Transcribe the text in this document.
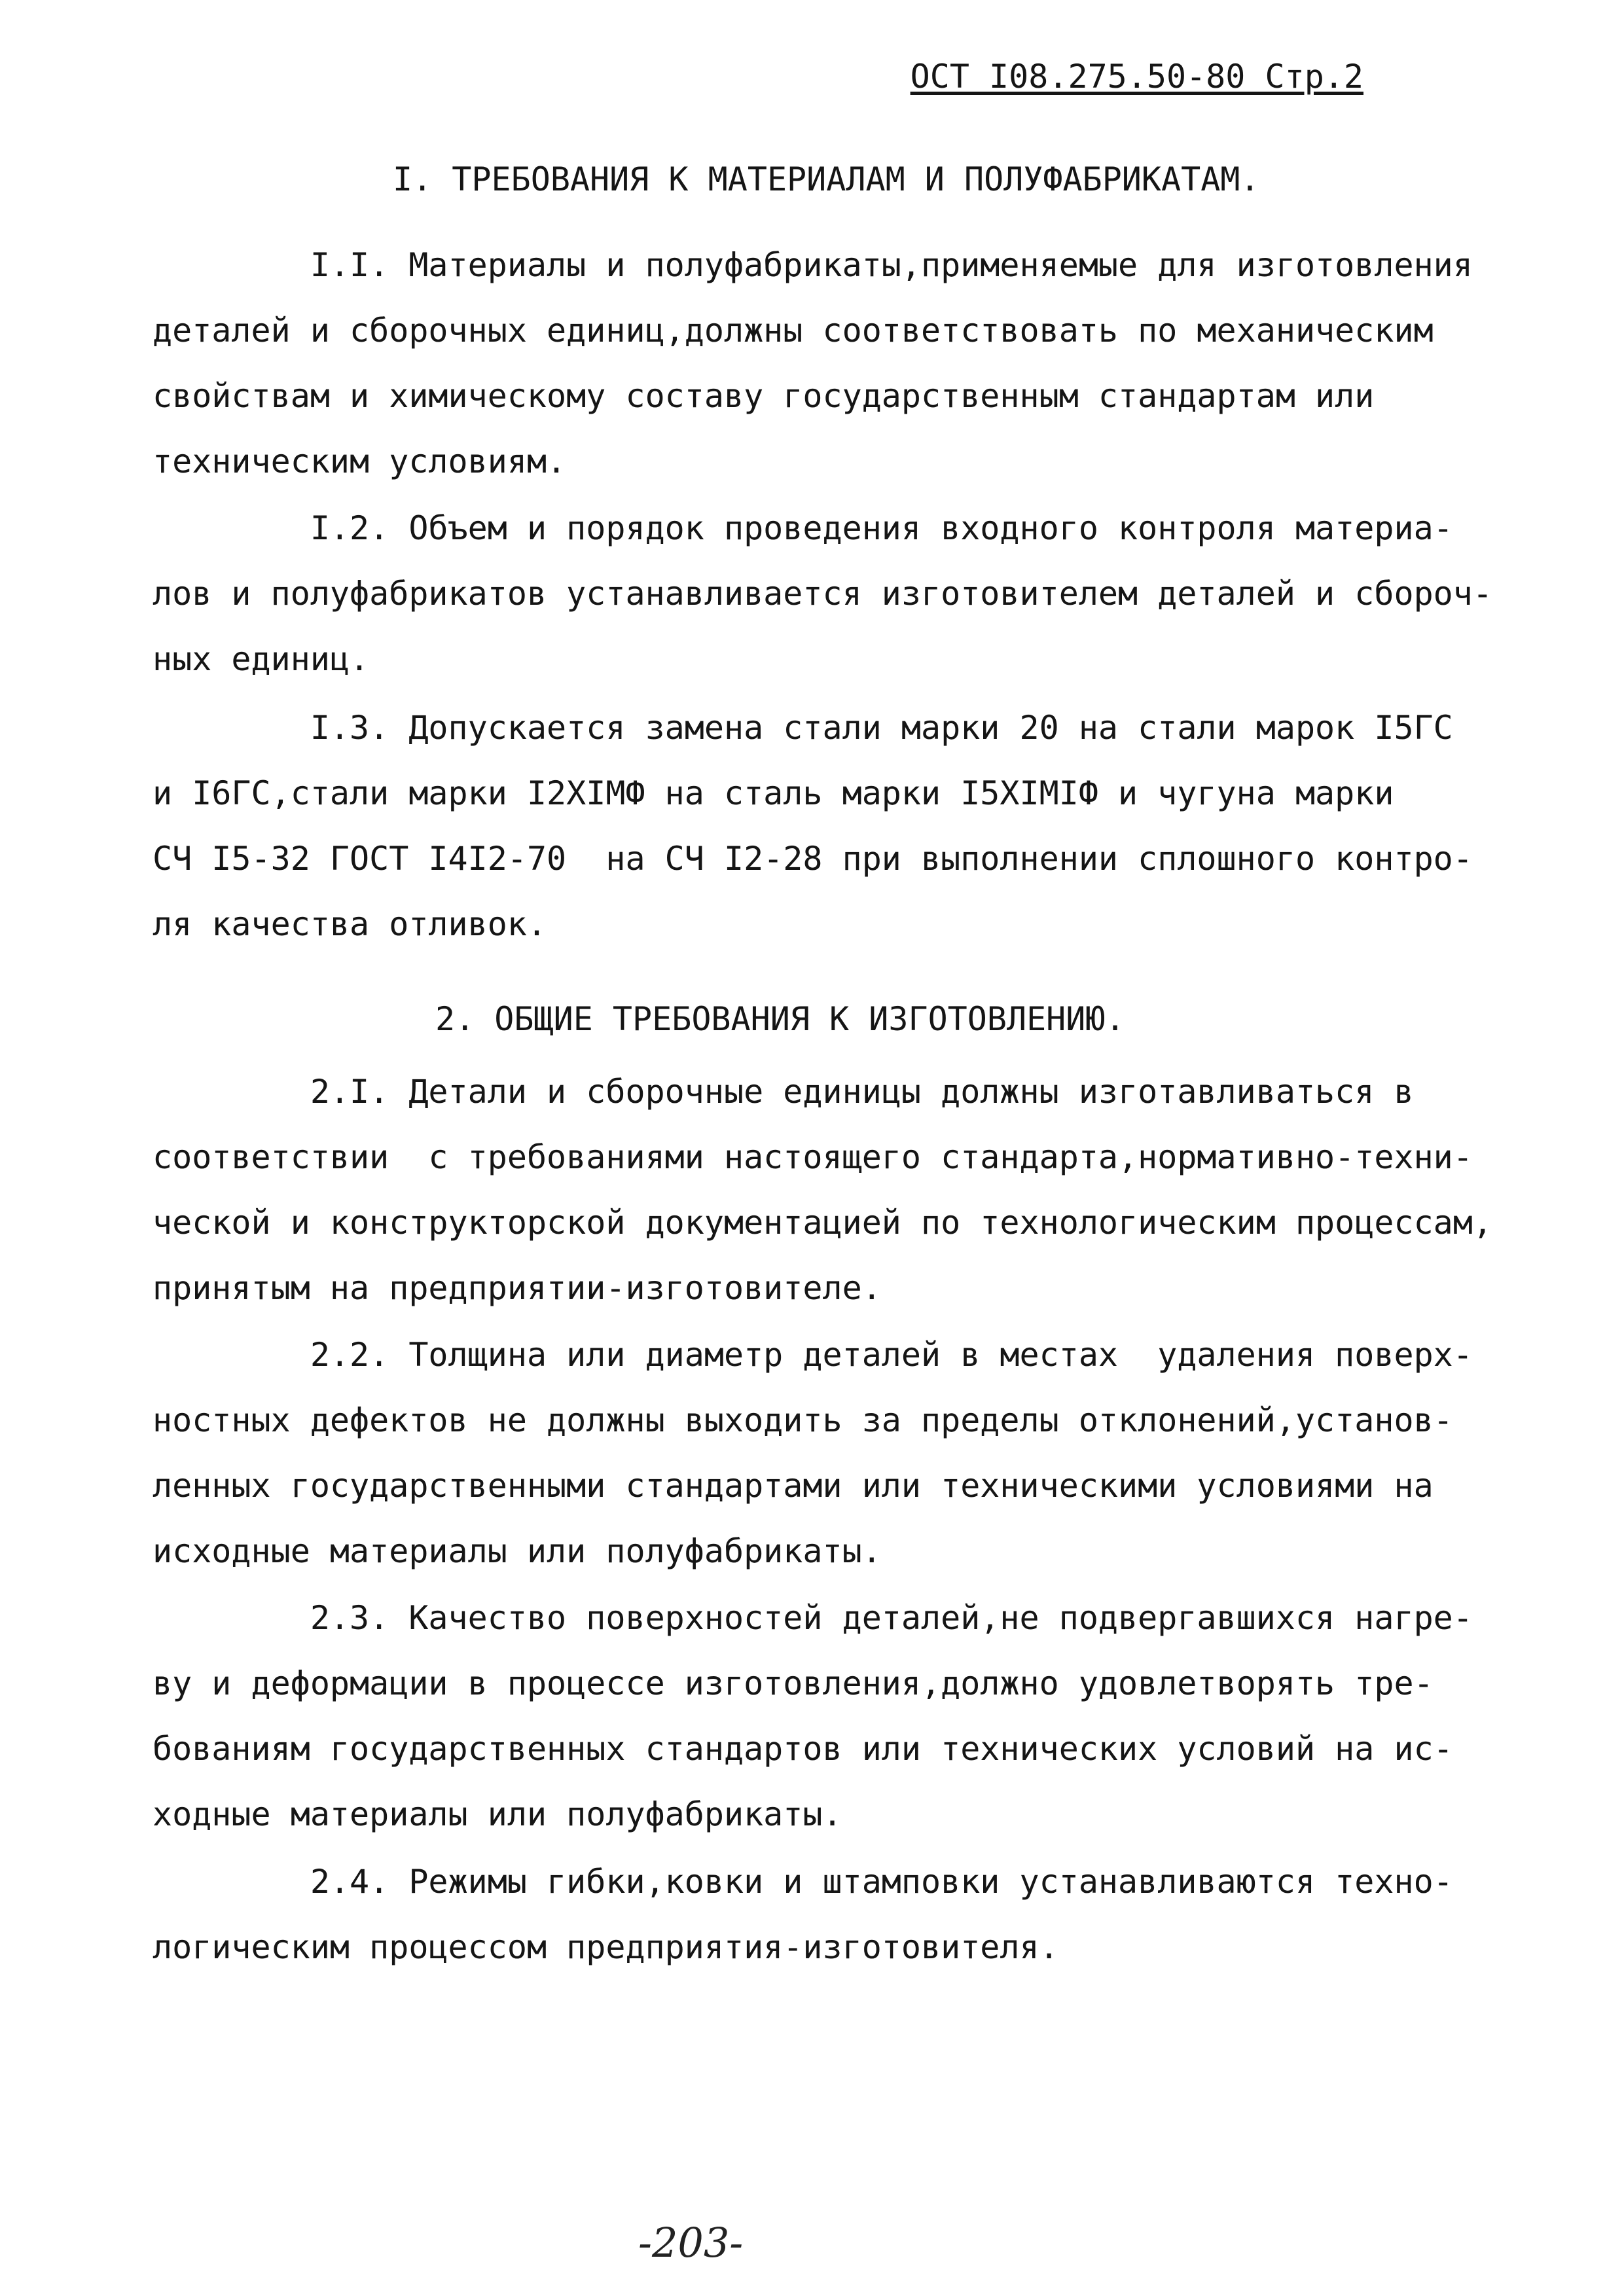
ОСТ I08.275.50-80 Стр.2
I. ТРЕБОВАНИЯ К МАТЕРИАЛАМ И ПОЛУФАБРИКАТАМ.
I.I. Материалы и полуфабрикаты,применяемые для изготовления
деталей и сборочных единиц,должны соответствовать по механическим
свойствам и химическому составу государственным стандартам или
техническим условиям.
I.2. Объем и порядок проведения входного контроля материа-
лов и полуфабрикатов устанавливается изготовителем деталей и сбороч-
ных единиц.
I.3. Допускается замена стали марки 20 на стали марок I5ГС
и I6ГС,стали марки I2XIМФ на сталь марки I5XIMIФ и чугуна марки
СЧ I5-32 ГОСТ I4I2-70  на СЧ I2-28 при выполнении сплошного контро-
ля качества отливок.
2. ОБЩИЕ ТРЕБОВАНИЯ К ИЗГОТОВЛЕНИЮ.
2.I. Детали и сборочные единицы должны изготавливаться в
соответствии  с требованиями настоящего стандарта,нормативно-техни-
ческой и конструкторской документацией по технологическим процессам,
принятым на предприятии-изготовителе.
2.2. Толщина или диаметр деталей в местах  удаления поверх-
ностных дефектов не должны выходить за пределы отклонений,установ-
ленных государственными стандартами или техническими условиями на
исходные материалы или полуфабрикаты.
2.3. Качество поверхностей деталей,не подвергавшихся нагре-
ву и деформации в процессе изготовления,должно удовлетворять тре-
бованиям государственных стандартов или технических условий на ис-
ходные материалы или полуфабрикаты.
2.4. Режимы гибки,ковки и штамповки устанавливаются техно-
логическим процессом предприятия-изготовителя.
-203-
